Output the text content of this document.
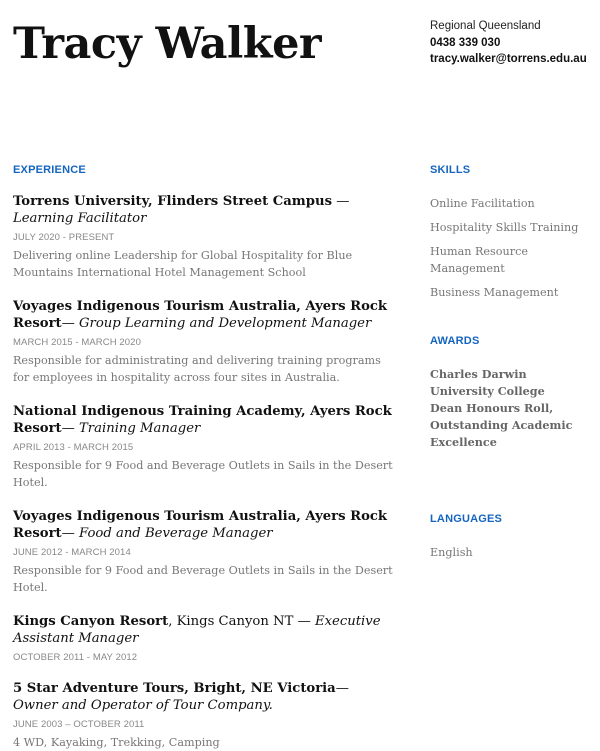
Tracy Walker	Regional Queensland
0438 339 030
tracy.walker@torrens.edu.au
EXPERIENCE

Torrens University, Flinders Street Campus — Learning Facilitator

JULY 2020 - PRESENT
Delivering online Leadership for Global Hospitality for Blue Mountains International Hotel Management School

Voyages Indigenous Tourism Australia, Ayers Rock Resort— Group Learning and Development Manager

MARCH 2015 - MARCH 2020
Responsible for administrating and delivering training programs for employees in hospitality across four sites in Australia.

National Indigenous Training Academy, Ayers Rock Resort— Training Manager

APRIL 2013 - MARCH 2015
Responsible for 9 Food and Beverage Outlets in Sails in the Desert Hotel.

Voyages Indigenous Tourism Australia, Ayers Rock Resort— Food and Beverage Manager

JUNE 2012 - MARCH 2014
Responsible for 9 Food and Beverage Outlets in Sails in the Desert Hotel.

Kings Canyon Resort, Kings Canyon NT — Executive Assistant Manager

OCTOBER 2011 - MAY 2012

5 Star Adventure Tours, Bright, NE Victoria—Owner and Operator of Tour Company.

JUNE 2003 – OCTOBER 2011
4 WD, Kayaking, Trekking, Camping
SKILLS
Online Facilitation
Hospitality Skills Training
Human Resource Management
Business Management
AWARDS
Charles Darwin University College Dean Honours Roll, Outstanding Academic Excellence
LANGUAGES
English
